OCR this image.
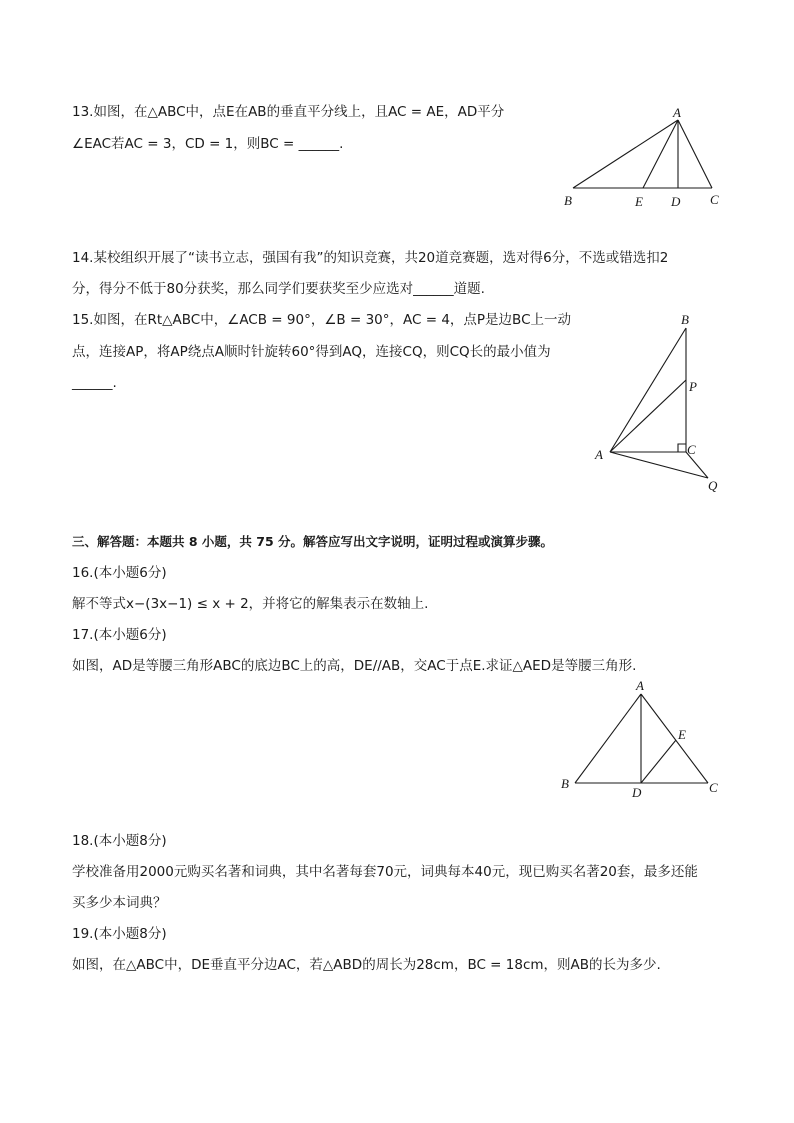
13.如图，在△ABC中，点E在AB的垂直平分线上，且AC = AE，AD平分
∠EAC若AC = 3，CD = 1，则BC = ______.
A
B	E D C
14.某校组织开展了“读书立志，强国有我”的知识竞赛，共20道竞赛题，选对得6分，不选或错选扣2
分，得分不低于80分获奖，那么同学们要获奖至少应选对______道题.
15.如图，在Rt△ABC中，∠ACB = 90°，∠B = 30°，AC = 4，点P是边BC上一动
点，连接AP，将AP绕点A顺时针旋转60°得到AQ，连接CQ，则CQ长的最小值为
______.
B
P
C
A
Q
三、解答题：本题共 8 小题，共 75 分。解答应写出文字说明，证明过程或演算步骤。
16.(本小题6分)
解不等式x−(3x−1) ≤ x + 2，并将它的解集表示在数轴上.
17.(本小题6分)
如图，AD是等腰三角形ABC的底边BC上的高，DE//AB，交AC于点E.求证△AED是等腰三角形.
A
E
B
D	C
18.(本小题8分)
学校准备用2000元购买名著和词典，其中名著每套70元，词典每本40元，现已购买名著20套，最多还能
买多少本词典？
19.(本小题8分)
如图，在△ABC中，DE垂直平分边AC，若△ABD的周长为28cm，BC = 18cm，则AB的长为多少.
